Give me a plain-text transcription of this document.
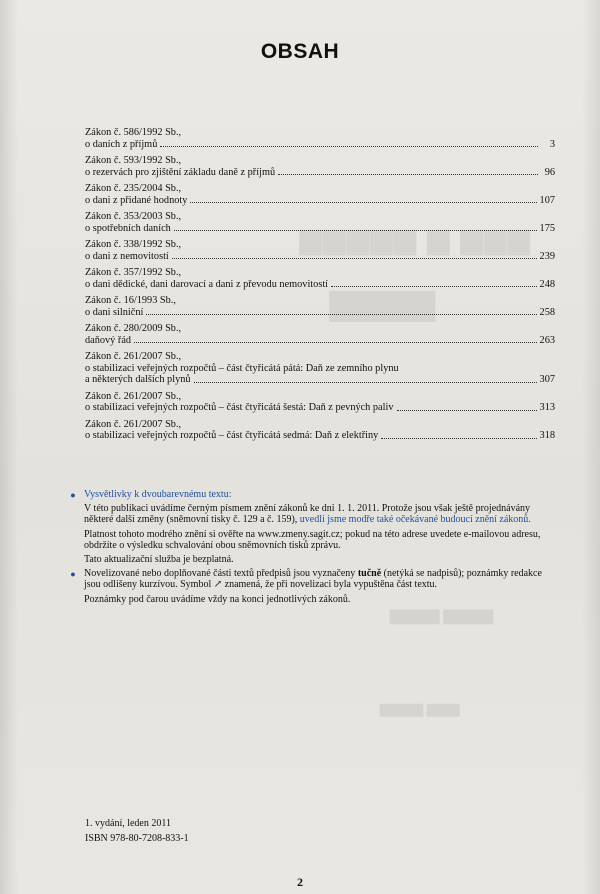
▆▆▆▆▆ ▆ ▆▆▆
▆▆▆▆
▆▆▆▆ ▆▆▆▆
▆▆▆▆ ▆▆▆
OBSAH
Zákon č. 586/1992 Sb.,
o daních z příjmů	3
Zákon č. 593/1992 Sb.,
o rezervách pro zjištění základu daně z příjmů	96
Zákon č. 235/2004 Sb.,
o dani z přidané hodnoty	107
Zákon č. 353/2003 Sb.,
o spotřebních daních	175
Zákon č. 338/1992 Sb.,
o dani z nemovitostí	239
Zákon č. 357/1992 Sb.,
o dani dědické, dani darovací a dani z převodu nemovitostí	248
Zákon č. 16/1993 Sb.,
o dani silniční	258
Zákon č. 280/2009 Sb.,
daňový řád	263
Zákon č. 261/2007 Sb.,
o stabilizaci veřejných rozpočtů – část čtyřicátá pátá: Daň ze zemního plynu
a některých dalších plynů	307
Zákon č. 261/2007 Sb.,
o stabilizaci veřejných rozpočtů – část čtyřicátá šestá: Daň z pevných paliv	313
Zákon č. 261/2007 Sb.,
o stabilizaci veřejných rozpočtů – část čtyřicátá sedmá: Daň z elektřiny	318
● Vysvětlivky k dvoubarevnému textu:

V této publikaci uvádíme černým písmem znění zákonů ke dni 1. 1. 2011. Protože jsou však ještě projednávány některé další změny (sněmovní tisky č. 129 a č. 159), uvedli jsme modře také očekávané budoucí znění zákonů.

Platnost tohoto modrého znění si ověřte na www.zmeny.sagit.cz; pokud na této adrese uvedete e-mailovou adresu, obdržíte o výsledku schvalování obou sněmovních tisků zprávu.

Tato aktualizační služba je bezplatná.

● Novelizované nebo doplňované části textů předpisů jsou vyznačeny tučně (netýká se nadpisů); poznámky redakce jsou odlišeny kurzívou. Symbol ↗ znamená, že při novelizaci byla vypuštěna část textu.

Poznámky pod čarou uvádíme vždy na konci jednotlivých zákonů.

1. vydání, leden 2011
ISBN 978-80-7208-833-1
2
